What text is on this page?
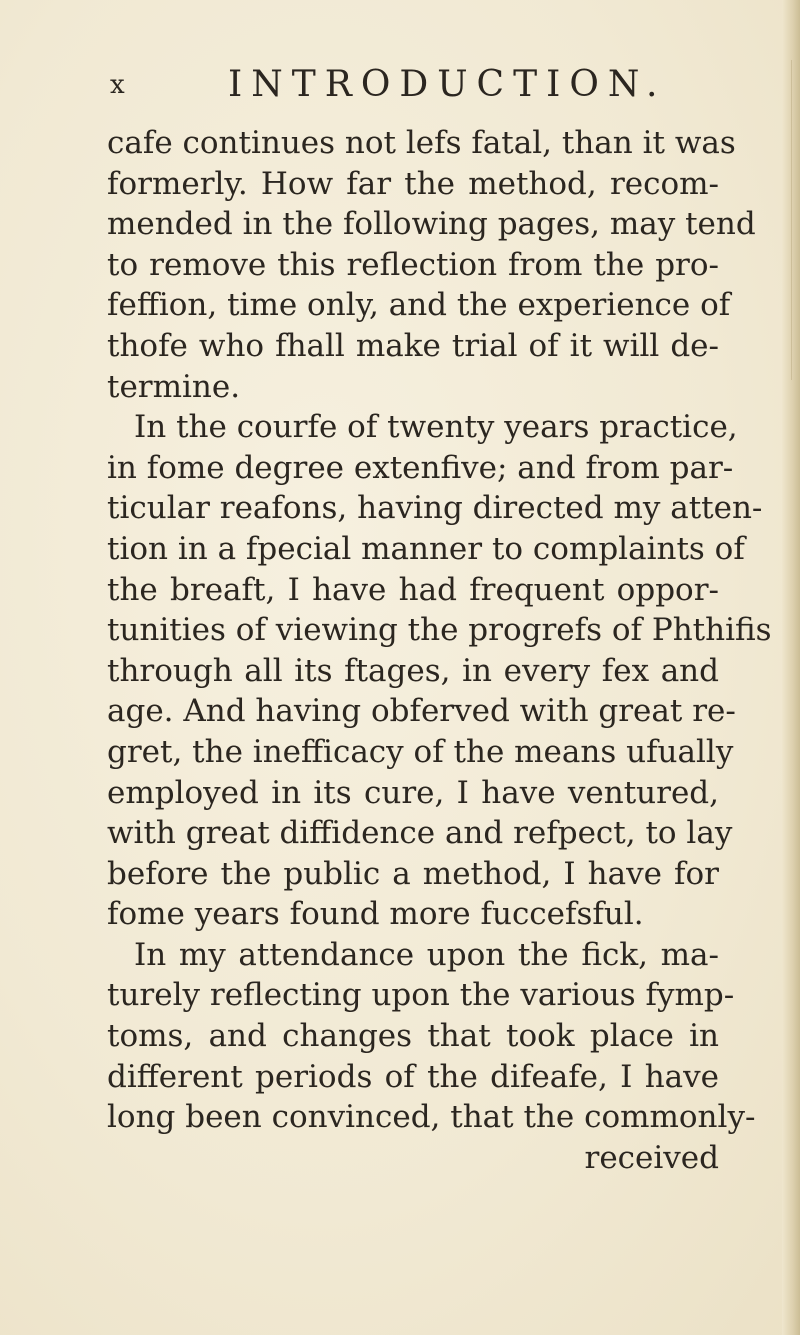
x	INTRODUCTION.
cafe continues not lefs fatal, than it was
formerly. How far the method, recom-
mended in the following pages, may tend
to remove this reflection from the pro-
feffion, time only, and the experience of
thofe who fhall make trial of it will de-
termine.
In the courfe of twenty years practice,
in fome degree extenfive; and from par-
ticular reafons, having directed my atten-
tion in a fpecial manner to complaints of
the breaft, I have had frequent oppor-
tunities of viewing the progrefs of Phthifis
through all its ftages, in every fex and
age. And having obferved with great re-
gret, the inefficacy of the means ufually
employed in its cure, I have ventured,
with great diffidence and refpect, to lay
before the public a method, I have for
fome years found more fuccefsful.
In my attendance upon the fick, ma-
turely reflecting upon the various fymp-
toms, and changes that took place in
different periods of the difeafe, I have
long been convinced, that the commonly-
received
